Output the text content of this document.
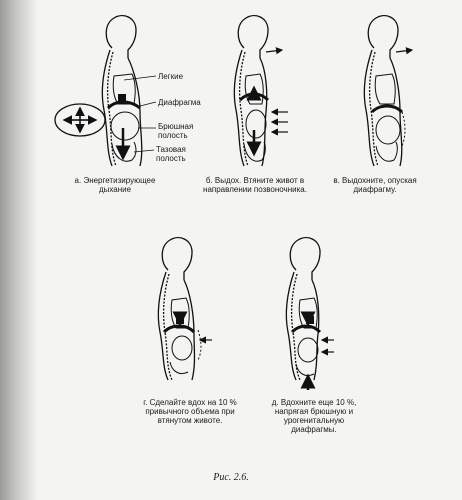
Легкие
Диафрагма
Брюшная полость
Тазовая полость
а. Энергетизирующее дыхание
б. Выдох. Втяните живот в направлении позвоночника.
в. Выдохните, опуская диафрагму.
г. Сделайте вдох на 10 % привычного объема при втянутом животе.
д. Вдохните еще 10 %, напрягая брюшную и урогенитальную диафрагмы.
Рис. 2.6.
